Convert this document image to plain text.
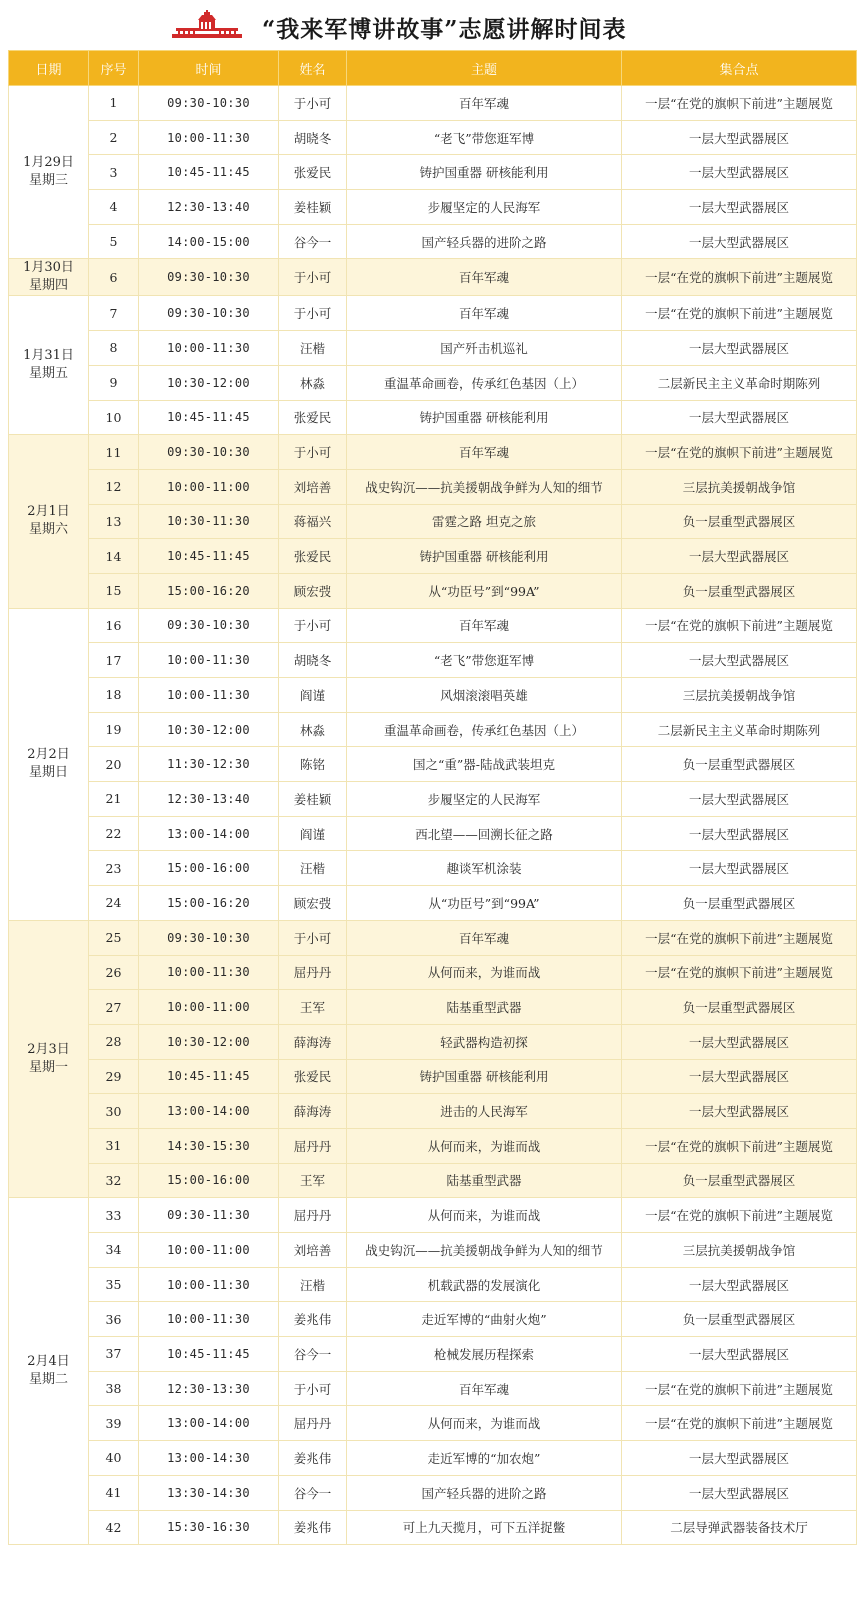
“我来军博讲故事”志愿讲解时间表
日期	序号	时间	姓名	主题	集合点

1月29日
星期三	1	09:30-10:30	于小可	百年军魂	一层“在党的旗帜下前进”主题展览
	2	10:00-11:30	胡晓冬	“老飞”带您逛军博	一层大型武器展区
	3	10:45-11:45	张爱民	铸护国重器 研核能利用	一层大型武器展区
	4	12:30-13:40	姜桂颖	步履坚定的人民海军	一层大型武器展区
	5	14:00-15:00	谷今一	国产轻兵器的进阶之路	一层大型武器展区

1月30日
星期四	6	09:30-10:30	于小可	百年军魂	一层“在党的旗帜下前进”主题展览

1月31日
星期五	7	09:30-10:30	于小可	百年军魂	一层“在党的旗帜下前进”主题展览
	8	10:00-11:30	汪楷	国产歼击机巡礼	一层大型武器展区
	9	10:30-12:00	林淼	重温革命画卷，传承红色基因（上）	二层新民主主义革命时期陈列
	10	10:45-11:45	张爱民	铸护国重器 研核能利用	一层大型武器展区

2月1日
星期六	11	09:30-10:30	于小可	百年军魂	一层“在党的旗帜下前进”主题展览
	12	10:00-11:00	刘培善	战史钩沉——抗美援朝战争鲜为人知的细节	三层抗美援朝战争馆
	13	10:30-11:30	蒋福兴	雷霆之路 坦克之旅	负一层重型武器展区
	14	10:45-11:45	张爱民	铸护国重器 研核能利用	一层大型武器展区
	15	15:00-16:20	顾宏弢	从“功臣号”到“99A”	负一层重型武器展区

2月2日
星期日	16	09:30-10:30	于小可	百年军魂	一层“在党的旗帜下前进”主题展览
	17	10:00-11:30	胡晓冬	“老飞”带您逛军博	一层大型武器展区
	18	10:00-11:30	阎谨	风烟滚滚唱英雄	三层抗美援朝战争馆
	19	10:30-12:00	林淼	重温革命画卷，传承红色基因（上）	二层新民主主义革命时期陈列
	20	11:30-12:30	陈铭	国之“重”器-陆战武装坦克	负一层重型武器展区
	21	12:30-13:40	姜桂颖	步履坚定的人民海军	一层大型武器展区
	22	13:00-14:00	阎谨	西北望——回溯长征之路	一层大型武器展区
	23	15:00-16:00	汪楷	趣谈军机涂装	一层大型武器展区
	24	15:00-16:20	顾宏弢	从“功臣号”到“99A”	负一层重型武器展区

2月3日
星期一	25	09:30-10:30	于小可	百年军魂	一层“在党的旗帜下前进”主题展览
	26	10:00-11:30	屈丹丹	从何而来，为谁而战	一层“在党的旗帜下前进”主题展览
	27	10:00-11:00	王军	陆基重型武器	负一层重型武器展区
	28	10:30-12:00	薛海涛	轻武器构造初探	一层大型武器展区
	29	10:45-11:45	张爱民	铸护国重器 研核能利用	一层大型武器展区
	30	13:00-14:00	薛海涛	进击的人民海军	一层大型武器展区
	31	14:30-15:30	屈丹丹	从何而来，为谁而战	一层“在党的旗帜下前进”主题展览
	32	15:00-16:00	王军	陆基重型武器	负一层重型武器展区

2月4日
星期二	33	09:30-11:30	屈丹丹	从何而来，为谁而战	一层“在党的旗帜下前进”主题展览
	34	10:00-11:00	刘培善	战史钩沉——抗美援朝战争鲜为人知的细节	三层抗美援朝战争馆
	35	10:00-11:30	汪楷	机载武器的发展演化	一层大型武器展区
	36	10:00-11:30	姜兆伟	走近军博的“曲射火炮”	负一层重型武器展区
	37	10:45-11:45	谷今一	枪械发展历程探索	一层大型武器展区
	38	12:30-13:30	于小可	百年军魂	一层“在党的旗帜下前进”主题展览
	39	13:00-14:00	屈丹丹	从何而来，为谁而战	一层“在党的旗帜下前进”主题展览
	40	13:00-14:30	姜兆伟	走近军博的“加农炮”	一层大型武器展区
	41	13:30-14:30	谷今一	国产轻兵器的进阶之路	一层大型武器展区
	42	15:30-16:30	姜兆伟	可上九天揽月，可下五洋捉鳖	二层导弹武器装备技术厅
